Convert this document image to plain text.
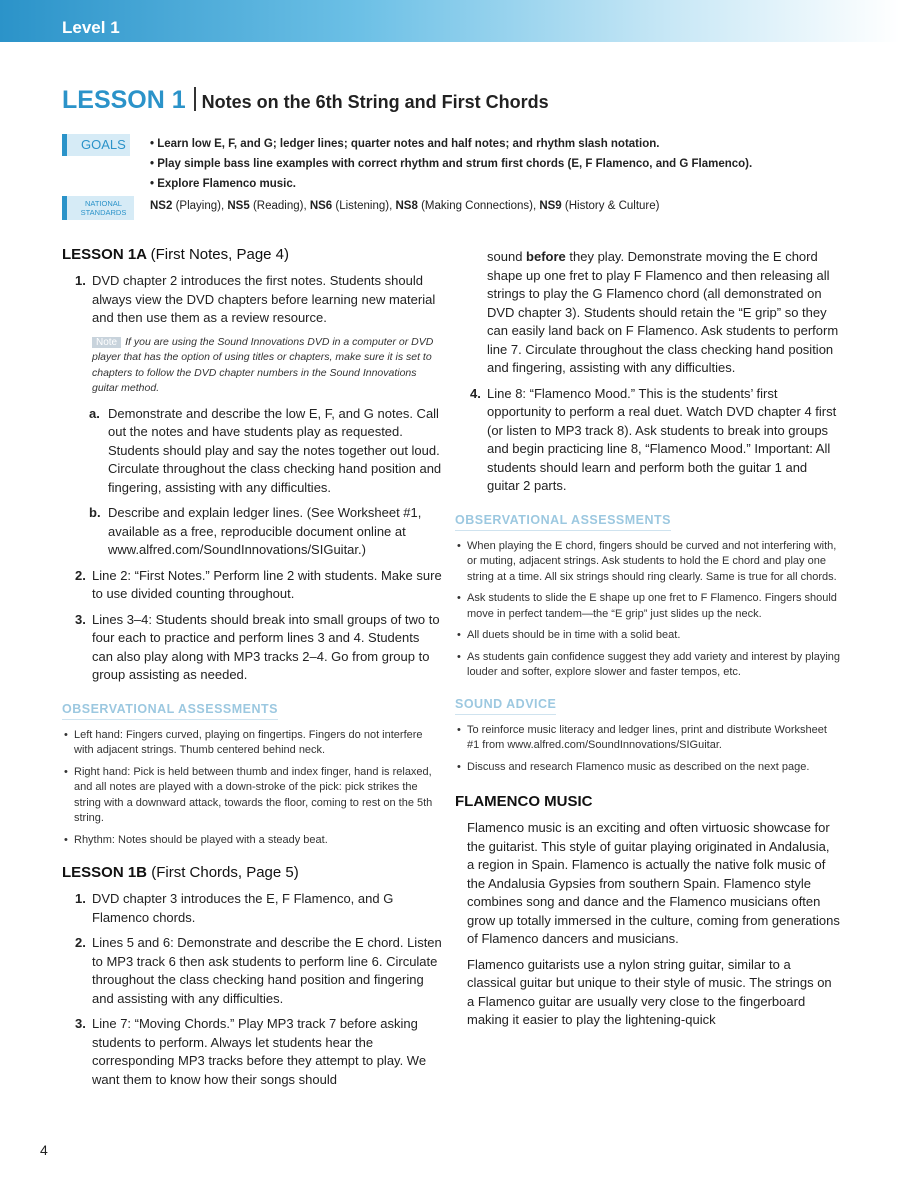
Level 1
LESSON 1 Notes on the 6th String and First Chords
GOALS	• Learn low E, F, and G; ledger lines; quarter notes and half notes; and rhythm slash notation.
• Play simple bass line examples with correct rhythm and strum first chords (E, F Flamenco, and G Flamenco).
• Explore Flamenco music.
NATIONAL
STANDARDS
NS2 (Playing), NS5 (Reading), NS6 (Listening), NS8 (Making Connections), NS9 (History & Culture)
LESSON 1A (First Notes, Page 4)
1. DVD chapter 2 introduces the first notes. Students should always view the DVD chapters before learning new material and then use them as a review resource.
Note If you are using the Sound Innovations DVD in a computer or DVD player that has the option of using titles or chapters, make sure it is set to chapters to follow the DVD chapter numbers in the Sound Innovations guitar method.
a. Demonstrate and describe the low E, F, and G notes. Call out the notes and have students play as requested. Students should play and say the notes together out loud. Circulate throughout the class checking hand position and fingering, assisting with any difficulties.
b. Describe and explain ledger lines. (See Worksheet #1, available as a free, reproducible document online at www.alfred.com/SoundInnovations/SIGuitar.)
2. Line 2: “First Notes.” Perform line 2 with students. Make sure to use divided counting throughout.
3. Lines 3–4: Students should break into small groups of two to four each to practice and perform lines 3 and 4. Students can also play along with MP3 tracks 2–4. Go from group to group assisting as needed.
OBSERVATIONAL ASSESSMENTS
• Left hand: Fingers curved, playing on fingertips. Fingers do not interfere with adjacent strings. Thumb centered behind neck.
• Right hand: Pick is held between thumb and index finger, hand is relaxed, and all notes are played with a down-stroke of the pick: pick strikes the string with a downward attack, towards the floor, coming to rest on the 5th string.
• Rhythm: Notes should be played with a steady beat.
LESSON 1B (First Chords, Page 5)
1. DVD chapter 3 introduces the E, F Flamenco, and G Flamenco chords.
2. Lines 5 and 6: Demonstrate and describe the E chord. Listen to MP3 track 6 then ask students to perform line 6. Circulate throughout the class checking hand position and fingering and assisting with any difficulties.
3. Line 7: “Moving Chords.” Play MP3 track 7 before asking students to perform. Always let students hear the corresponding MP3 tracks before they attempt to play. We want them to know how their songs should
sound before they play. Demonstrate moving the E chord shape up one fret to play F Flamenco and then releasing all strings to play the G Flamenco chord (all demonstrated on DVD chapter 3). Students should retain the “E grip” so they can easily land back on F Flamenco. Ask students to perform line 7. Circulate throughout the class checking hand position and fingering, assisting with any difficulties.
4. Line 8: “Flamenco Mood.” This is the students’ first opportunity to perform a real duet. Watch DVD chapter 4 first (or listen to MP3 track 8). Ask students to break into groups and begin practicing line 8, “Flamenco Mood.” Important: All students should learn and perform both the guitar 1 and guitar 2 parts.
OBSERVATIONAL ASSESSMENTS
• When playing the E chord, fingers should be curved and not interfering with, or muting, adjacent strings. Ask students to hold the E chord and play one string at a time. All six strings should ring clearly. Same is true for all chords.
• Ask students to slide the E shape up one fret to F Flamenco. Fingers should move in perfect tandem—the “E grip” just slides up the neck.
• All duets should be in time with a solid beat.
• As students gain confidence suggest they add variety and interest by playing louder and softer, explore slower and faster tempos, etc.
SOUND ADVICE
• To reinforce music literacy and ledger lines, print and distribute Worksheet #1 from www.alfred.com/SoundInnovations/SIGuitar.
• Discuss and research Flamenco music as described on the next page.
FLAMENCO MUSIC
Flamenco music is an exciting and often virtuosic showcase for the guitarist. This style of guitar playing originated in Andalusia, a region in Spain. Flamenco is actually the native folk music of the Andalusia Gypsies from southern Spain. Flamenco style combines song and dance and the Flamenco musicians often grow up totally immersed in the culture, coming from generations of Flamenco dancers and musicians.
Flamenco guitarists use a nylon string guitar, similar to a classical guitar but unique to their style of music. The strings on a Flamenco guitar are usually very close to the fingerboard making it easier to play the lightening-quick
4
